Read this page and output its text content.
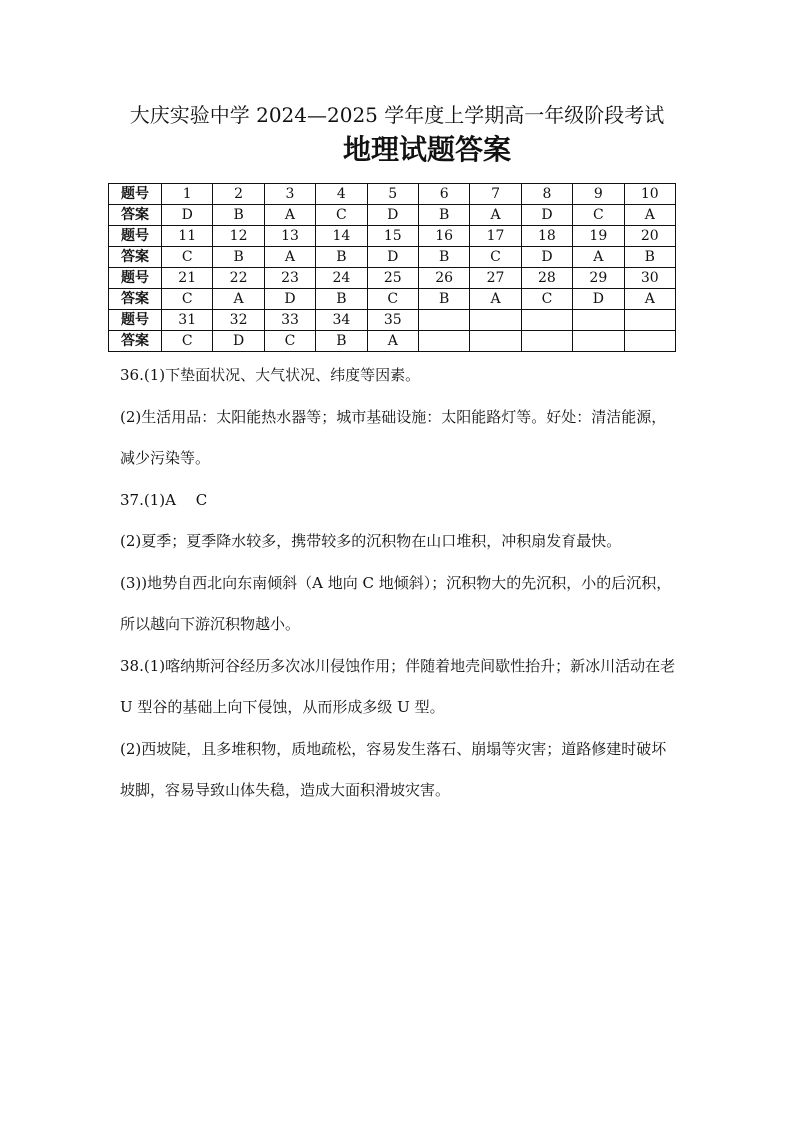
大庆实验中学 2024—2025 学年度上学期高一年级阶段考试
地理试题答案
题号	1	2	3	4	5	6	7	8	9	10
答案	D	B	A	C	D	B	A	D	C	A
题号	11	12	13	14	15	16	17	18	19	20
答案	C	B	A	B	D	B	C	D	A	B
题号	21	22	23	24	25	26	27	28	29	30
答案	C	A	D	B	C	B	A	C	D	A
题号	31	32	33	34	35					
答案	C	D	C	B	A					
36.(1)下垫面状况、大气状况、纬度等因素。
(2)生活用品：太阳能热水器等；城市基础设施：太阳能路灯等。好处：清洁能源，减少污染等。
37.(1)A　 C
(2)夏季；夏季降水较多，携带较多的沉积物在山口堆积，冲积扇发育最快。
(3))地势自西北向东南倾斜（A 地向 C 地倾斜）；沉积物大的先沉积，小的后沉积，所以越向下游沉积物越小。
38.(1)喀纳斯河谷经历多次冰川侵蚀作用；伴随着地壳间歇性抬升；新冰川活动在老 U 型谷的基础上向下侵蚀，从而形成多级 U 型。
(2)西坡陡，且多堆积物，质地疏松，容易发生落石、崩塌等灾害；道路修建时破坏坡脚，容易导致山体失稳，造成大面积滑坡灾害。
